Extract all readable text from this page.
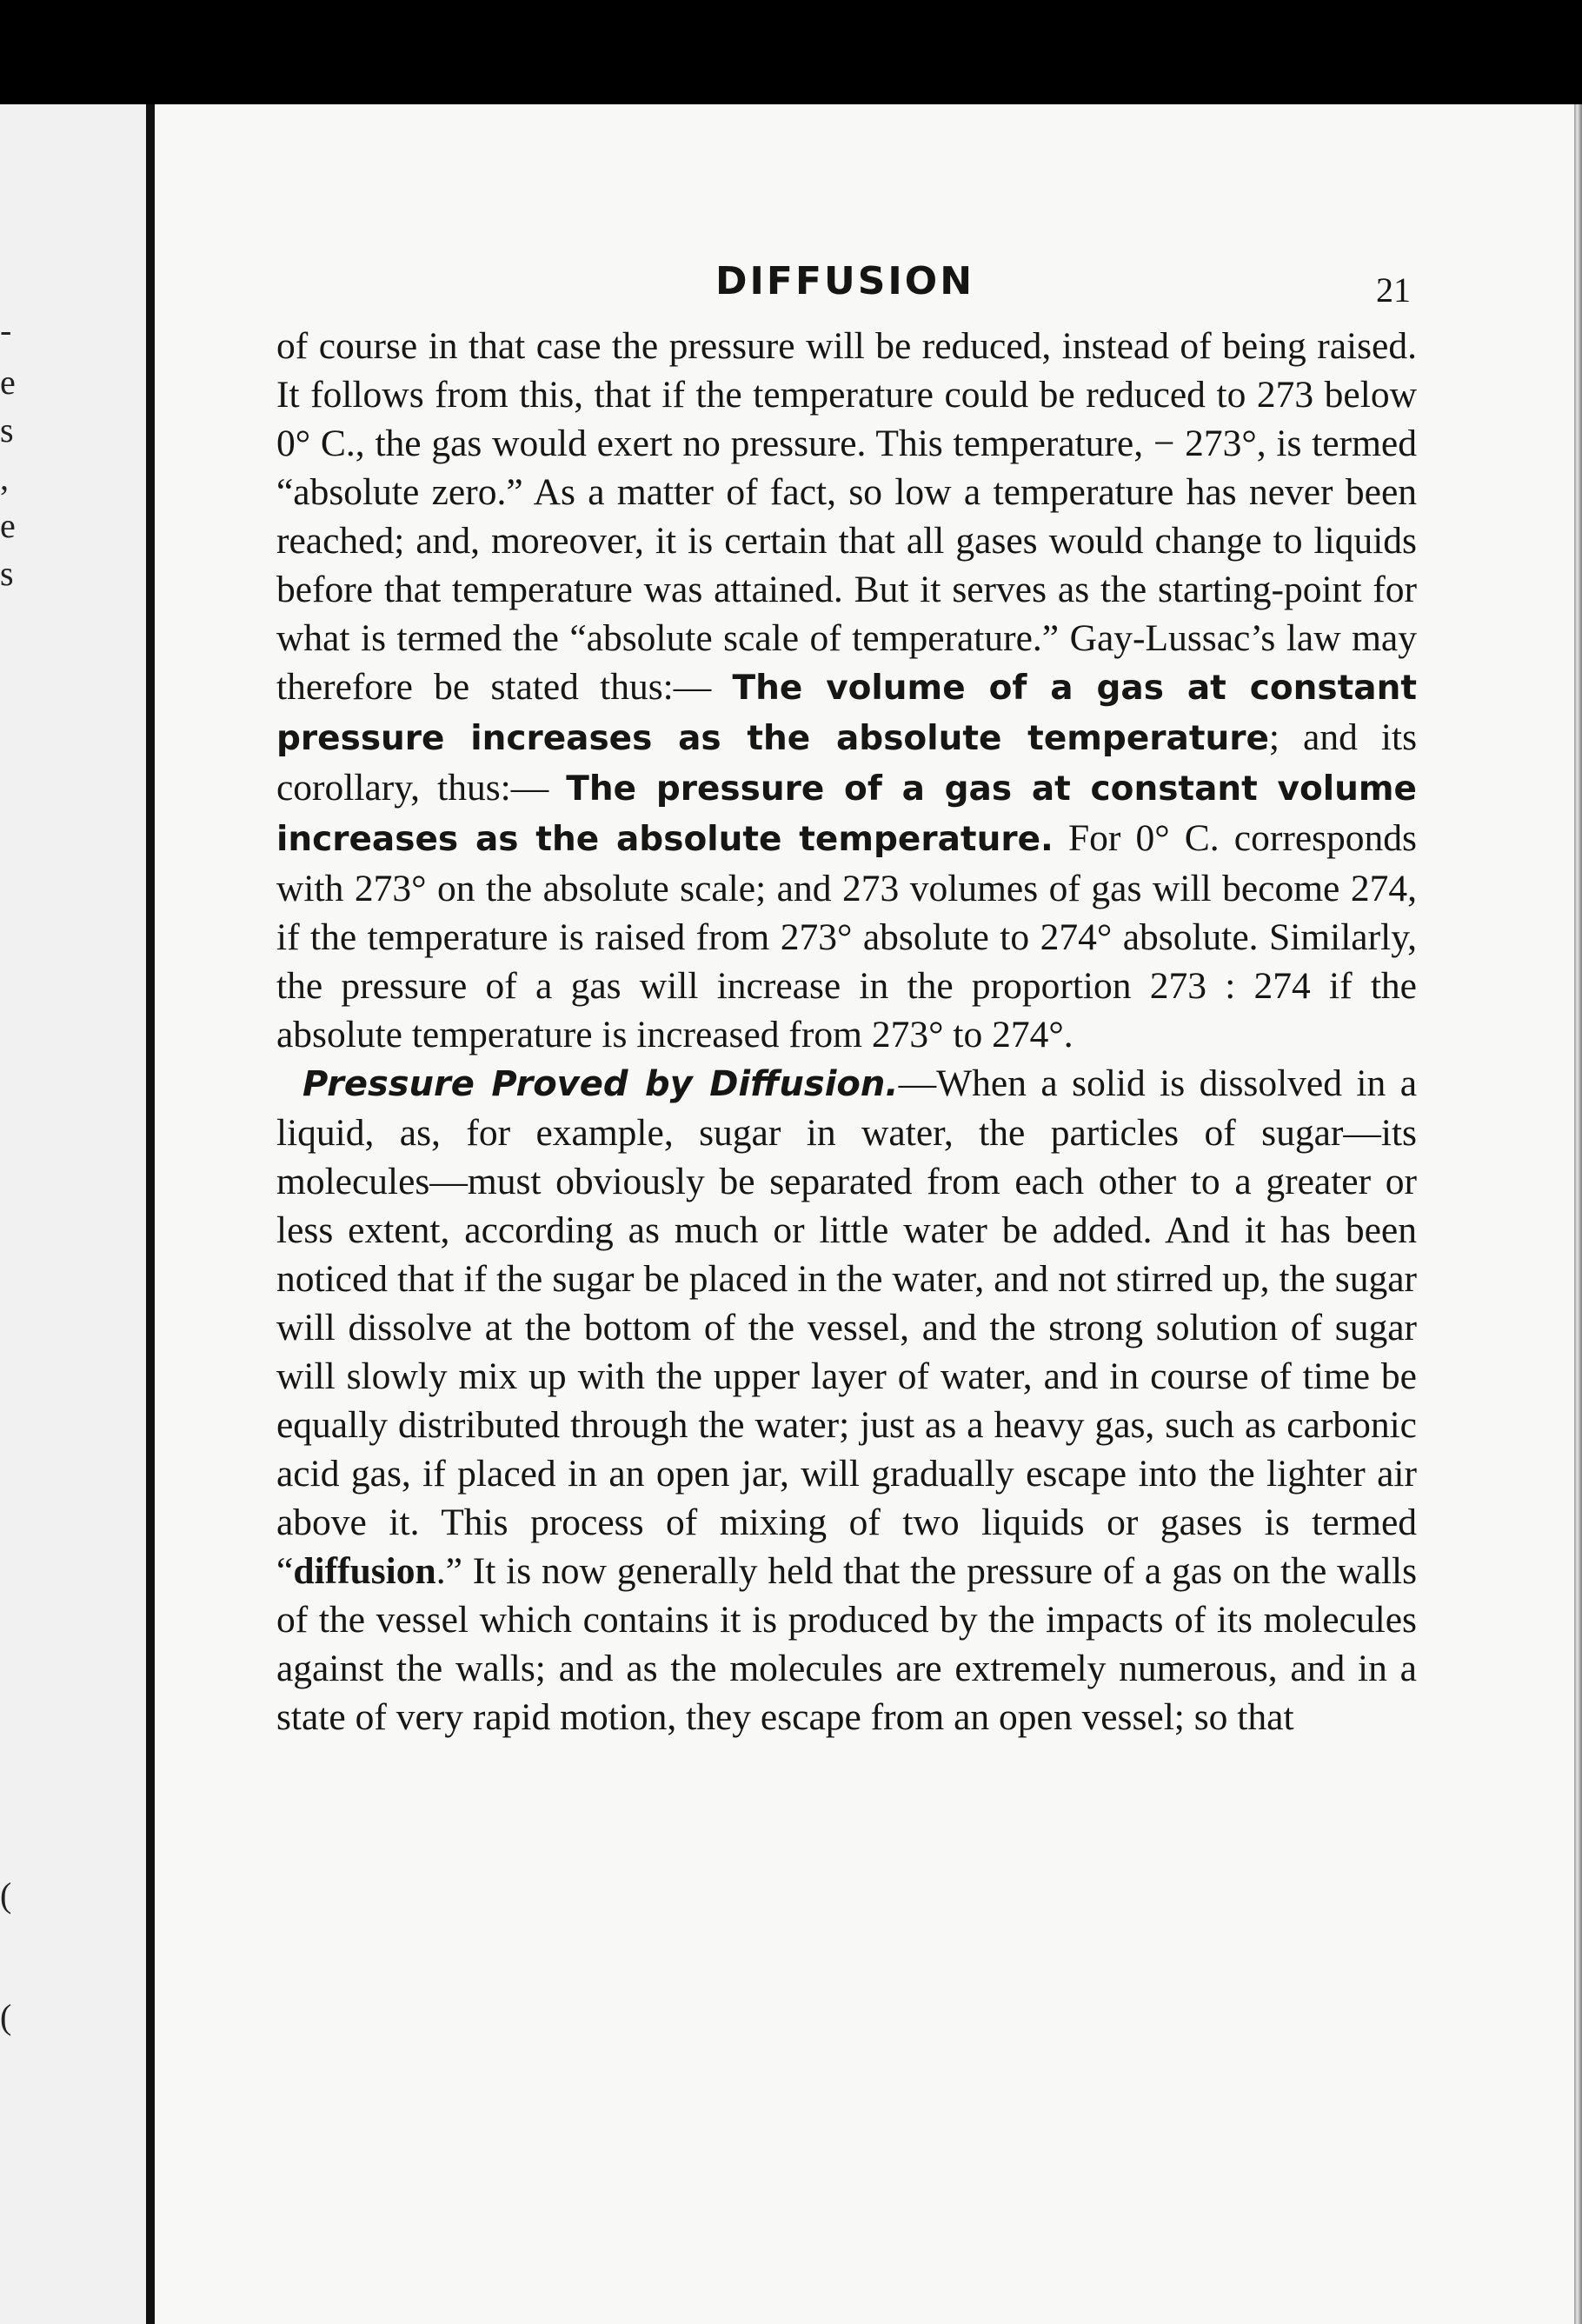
-
e
s
,
e
s
(
(
DIFFUSION	21

of course in that case the pressure will be reduced, instead of being raised. It follows from this, that if the temperature could be reduced to 273 below 0° C., the gas would exert no pressure. This temperature, − 273°, is termed “absolute zero.” As a matter of fact, so low a temperature has never been reached; and, moreover, it is certain that all gases would change to liquids before that temperature was attained. But it serves as the starting-point for what is termed the “absolute scale of temperature.” Gay-Lussac’s law may therefore be stated thus:— The volume of a gas at constant pressure increases as the absolute temperature; and its corollary, thus:— The pressure of a gas at constant volume increases as the absolute temperature. For 0° C. corresponds with 273° on the absolute scale; and 273 volumes of gas will become 274, if the temperature is raised from 273° absolute to 274° absolute. Similarly, the pressure of a gas will increase in the proportion 273 : 274 if the absolute temperature is increased from 273° to 274°.

Pressure Proved by Diffusion.—When a solid is dissolved in a liquid, as, for example, sugar in water, the particles of sugar—its molecules—must obviously be separated from each other to a greater or less extent, according as much or little water be added. And it has been noticed that if the sugar be placed in the water, and not stirred up, the sugar will dissolve at the bottom of the vessel, and the strong solution of sugar will slowly mix up with the upper layer of water, and in course of time be equally distributed through the water; just as a heavy gas, such as carbonic acid gas, if placed in an open jar, will gradually escape into the lighter air above it. This process of mixing of two liquids or gases is termed “diffusion.” It is now generally held that the pressure of a gas on the walls of the vessel which contains it is produced by the impacts of its molecules against the walls; and as the molecules are extremely numerous, and in a state of very rapid motion, they escape from an open vessel; so that
